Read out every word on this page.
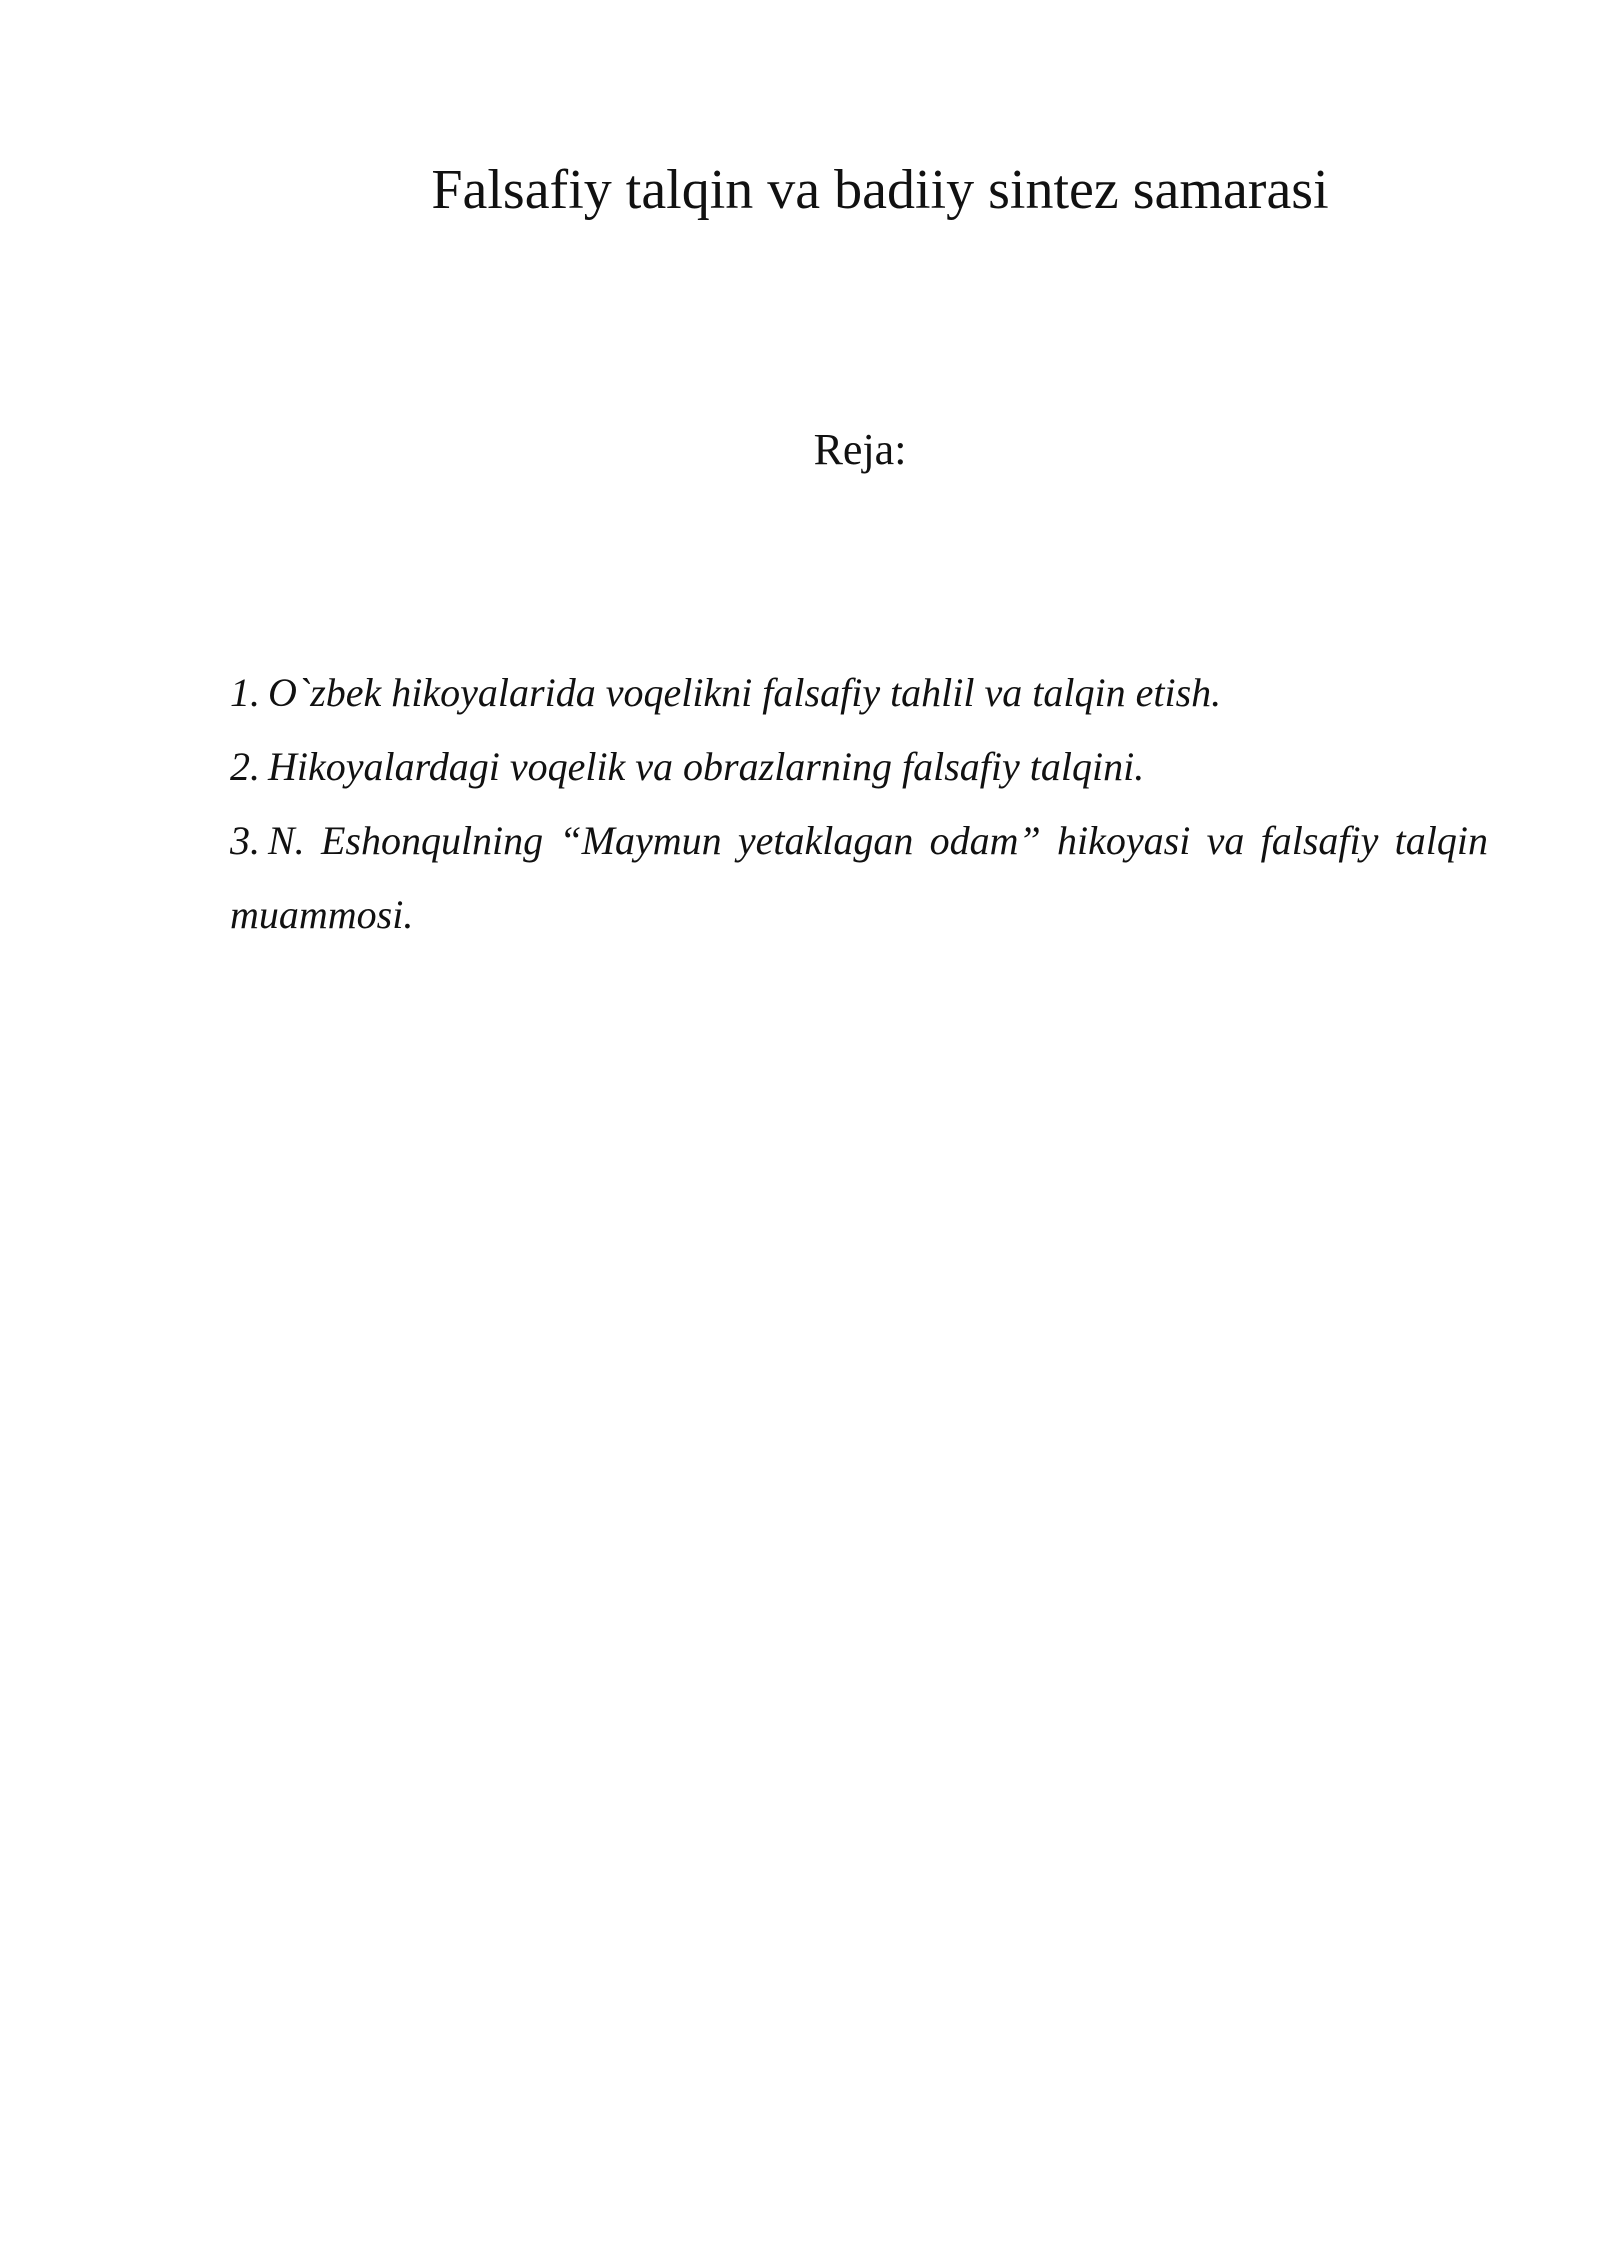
Falsafiy talqin va badiiy sintez samarasi
Reja:
1. O`zbek hikoyalarida voqelikni falsafiy tahlil va talqin etish.
2. Hikoyalardagi voqelik va obrazlarning falsafiy talqini.
3. N. Eshonqulning “Maymun yetaklagan odam” hikoyasi va falsafiy talqin muammosi.
